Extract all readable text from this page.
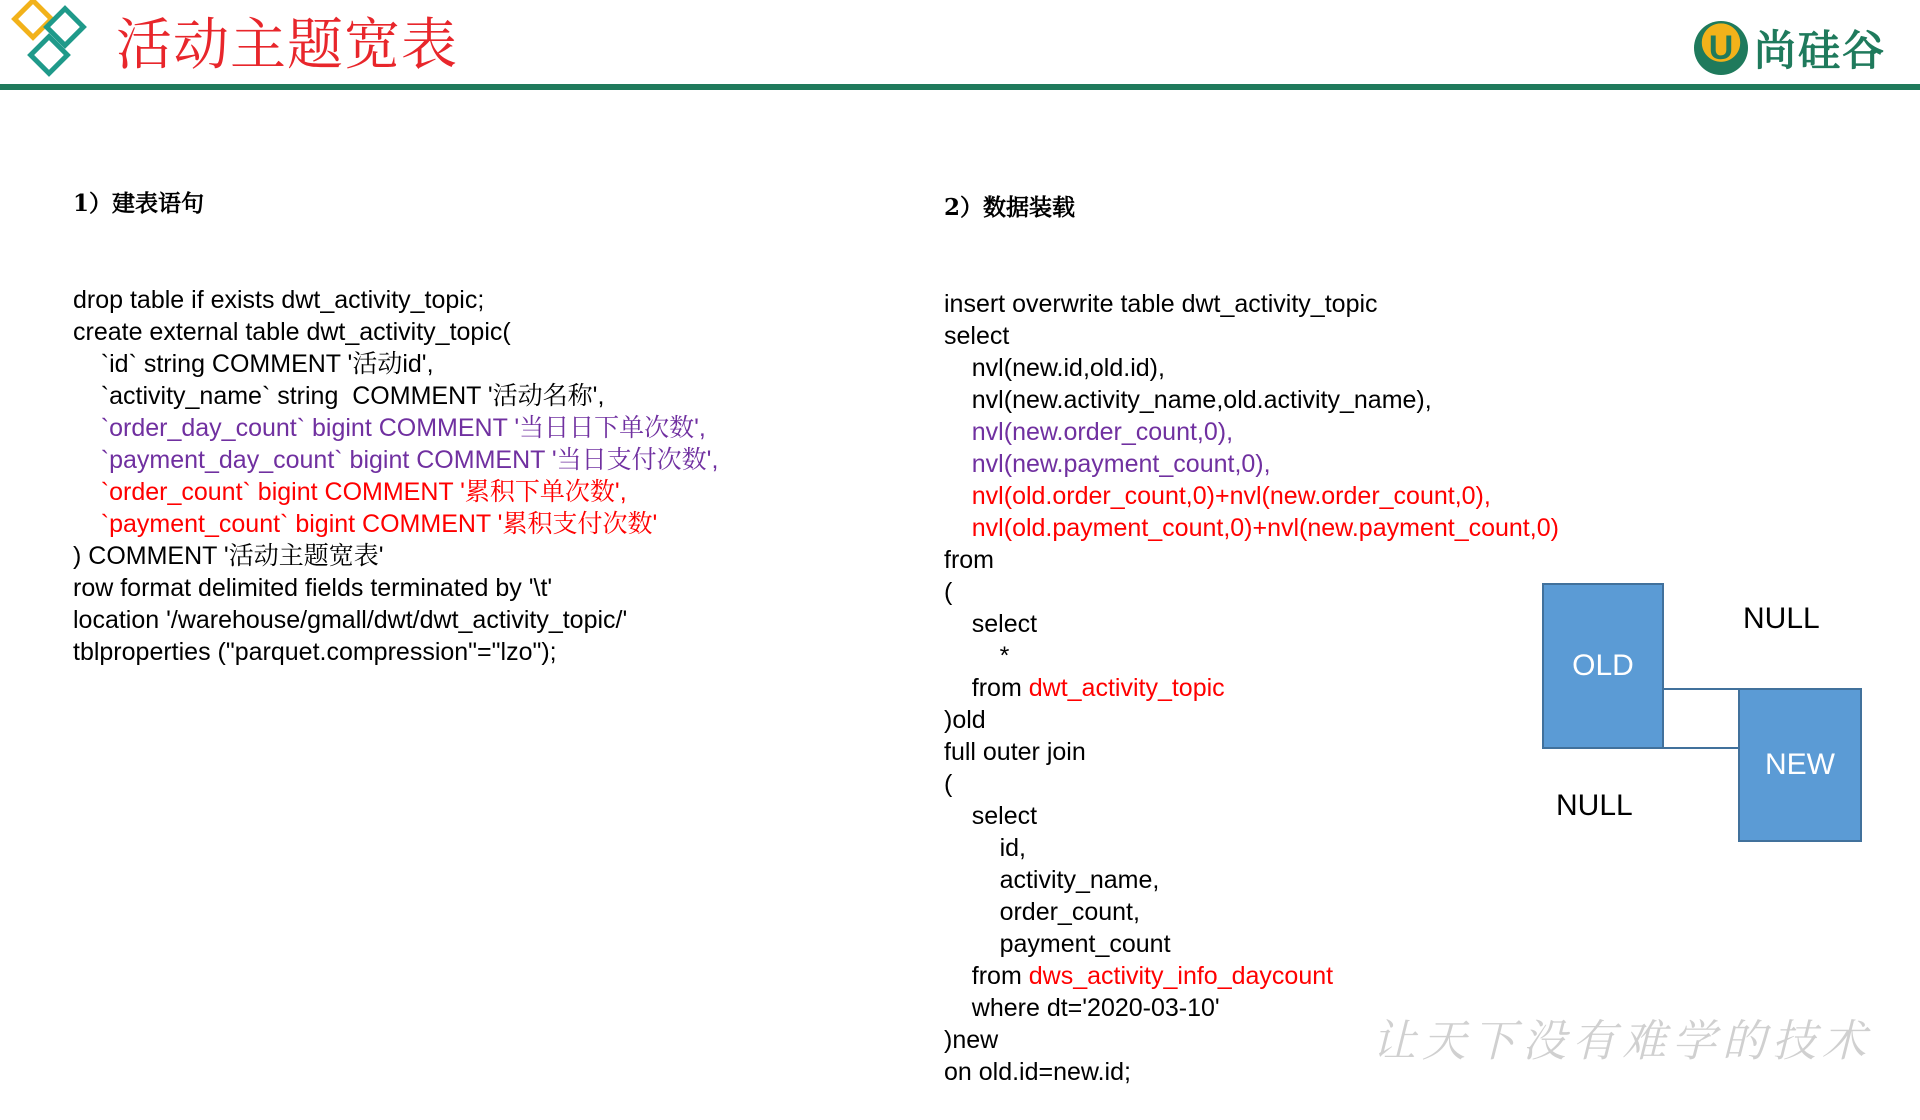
活动主题宽表	U 尚硅谷

1）建表语句

drop table if exists dwt_activity_topic;
create external table dwt_activity_topic(
`id` string COMMENT '活动id',
`activity_name` string  COMMENT '活动名称',
`order_day_count` bigint COMMENT '当日日下单次数',
`payment_day_count` bigint COMMENT '当日支付次数',
`order_count` bigint COMMENT '累积下单次数',
`payment_count` bigint COMMENT '累积支付次数'
) COMMENT '活动主题宽表'
row format delimited fields terminated by '\t'
location '/warehouse/gmall/dwt/dwt_activity_topic/'
tblproperties ("parquet.compression"="lzo");

2）数据装载

insert overwrite table dwt_activity_topic
select
nvl(new.id,old.id),
nvl(new.activity_name,old.activity_name),
nvl(new.order_count,0),
nvl(new.payment_count,0),
nvl(old.order_count,0)+nvl(new.order_count,0),
nvl(old.payment_count,0)+nvl(new.payment_count,0)
from
(
select
*
from dwt_activity_topic
)old
full outer join
(
select
id,
activity_name,
order_count,
payment_count
from dws_activity_info_daycount
where dt='2020-03-10'
)new
on old.id=new.id;

OLD
NEW
NULL
NULL
让天下没有难学的技术
